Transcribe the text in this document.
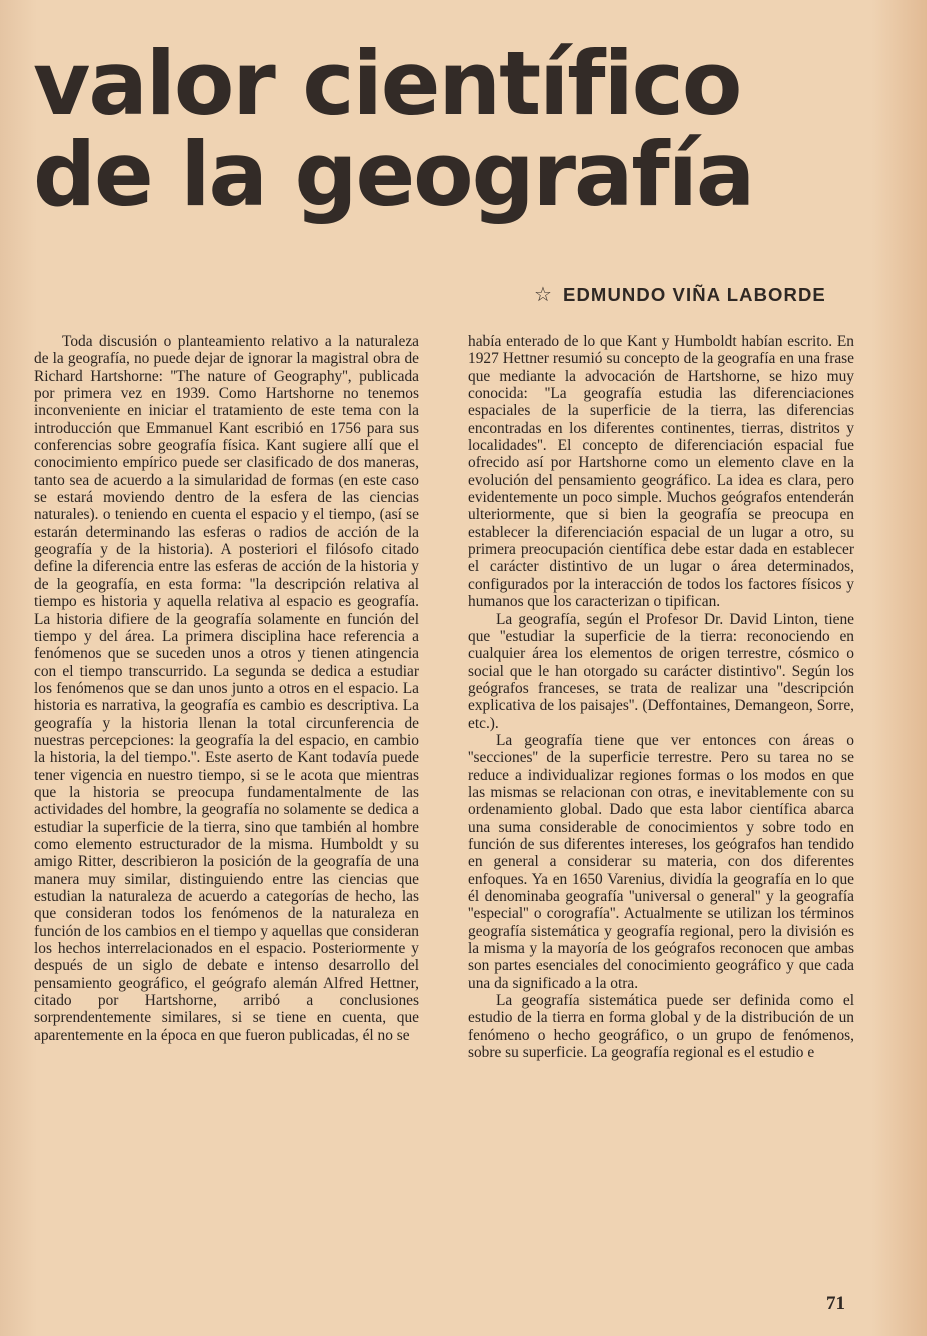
valor científico
de la geografía
☆ EDMUNDO VIÑA LABORDE

Toda discusión o planteamiento relativo a la naturaleza de la geografía, no puede dejar de ignorar la magistral obra de Richard Hartshorne: ''The nature of Geography'', publicada por primera vez en 1939. Como Hartshorne no tenemos inconveniente en iniciar el tratamiento de este tema con la introducción que Emmanuel Kant escribió en 1756 para sus conferencias sobre geografía física. Kant sugiere allí que el conocimiento empírico puede ser clasificado de dos maneras, tanto sea de acuerdo a la simularidad de formas (en este caso se estará moviendo dentro de la esfera de las ciencias naturales). o teniendo en cuenta el espacio y el tiempo, (así se estarán determinando las esferas o radios de acción de la geografía y de la historia). A posteriori el filósofo citado define la diferencia entre las esferas de acción de la historia y de la geografía, en esta forma: ''la descripción relativa al tiempo es historia y aquella relativa al espacio es geografía. La historia difiere de la geografía solamente en función del tiempo y del área. La primera disciplina hace referencia a fenómenos que se suceden unos a otros y tienen atingencia con el tiempo transcurrido. La segunda se dedica a estudiar los fenómenos que se dan unos junto a otros en el espacio. La historia es narrativa, la geografía es cambio es descriptiva. La geografía y la historia llenan la total circunferencia de nuestras percepciones: la geografía la del espacio, en cambio la historia, la del tiempo.''. Este aserto de Kant todavía puede tener vigencia en nuestro tiempo, si se le acota que mientras que la historia se preocupa fundamentalmente de las actividades del hombre, la geografía no solamente se dedica a estudiar la superficie de la tierra, sino que también al hombre como elemento estructurador de la misma. Humboldt y su amigo Ritter, describieron la posición de la geografía de una manera muy similar, distinguiendo entre las ciencias que estudian la naturaleza de acuerdo a categorías de hecho, las que consideran todos los fenómenos de la naturaleza en función de los cambios en el tiempo y aquellas que consideran los hechos interrelacionados en el espacio. Posteriormente y después de un siglo de debate e intenso desarrollo del pensamiento geográfico, el geógrafo alemán Alfred Hettner, citado por Hartshorne, arribó a conclusiones sorprendentemente similares, si se tiene en cuenta, que aparentemente en la época en que fueron publicadas, él no se

había enterado de lo que Kant y Humboldt habían escrito. En 1927 Hettner resumió su concepto de la geografía en una frase que mediante la advocación de Hartshorne, se hizo muy conocida: ''La geografía estudia las diferenciaciones espaciales de la superficie de la tierra, las diferencias encontradas en los diferentes continentes, tierras, distritos y localidades''. El concepto de diferenciación espacial fue ofrecido así por Hartshorne como un elemento clave en la evolución del pensamiento geográfico. La idea es clara, pero evidentemente un poco simple. Muchos geógrafos entenderán ulteriormente, que si bien la geografía se preocupa en establecer la diferenciación espacial de un lugar a otro, su primera preocupación científica debe estar dada en establecer el carácter distintivo de un lugar o área determinados, configurados por la interacción de todos los factores físicos y humanos que los caracterizan o tipifican.

La geografía, según el Profesor Dr. David Linton, tiene que ''estudiar la superficie de la tierra: reconociendo en cualquier área los elementos de origen terrestre, cósmico o social que le han otorgado su carácter distintivo''. Según los geógrafos franceses, se trata de realizar una ''descripción explicativa de los paisajes''. (Deffontaines, Demangeon, Sorre, etc.).

La geografía tiene que ver entonces con áreas o ''secciones'' de la superficie terrestre. Pero su tarea no se reduce a individualizar regiones formas o los modos en que las mismas se relacionan con otras, e inevitablemente con su ordenamiento global. Dado que esta labor científica abarca una suma considerable de conocimientos y sobre todo en función de sus diferentes intereses, los geógrafos han tendido en general a considerar su materia, con dos diferentes enfoques. Ya en 1650 Varenius, dividía la geografía en lo que él denominaba geografía ''universal o general'' y la geografía ''especial'' o corografía''. Actualmente se utilizan los términos geografía sistemática y geografía regional, pero la división es la misma y la mayoría de los geógrafos reconocen que ambas son partes esenciales del conocimiento geográfico y que cada una da significado a la otra.

La geografía sistemática puede ser definida como el estudio de la tierra en forma global y de la distribución de un fenómeno o hecho geográfico, o un grupo de fenómenos, sobre su superficie. La geografía regional es el estudio e

71
